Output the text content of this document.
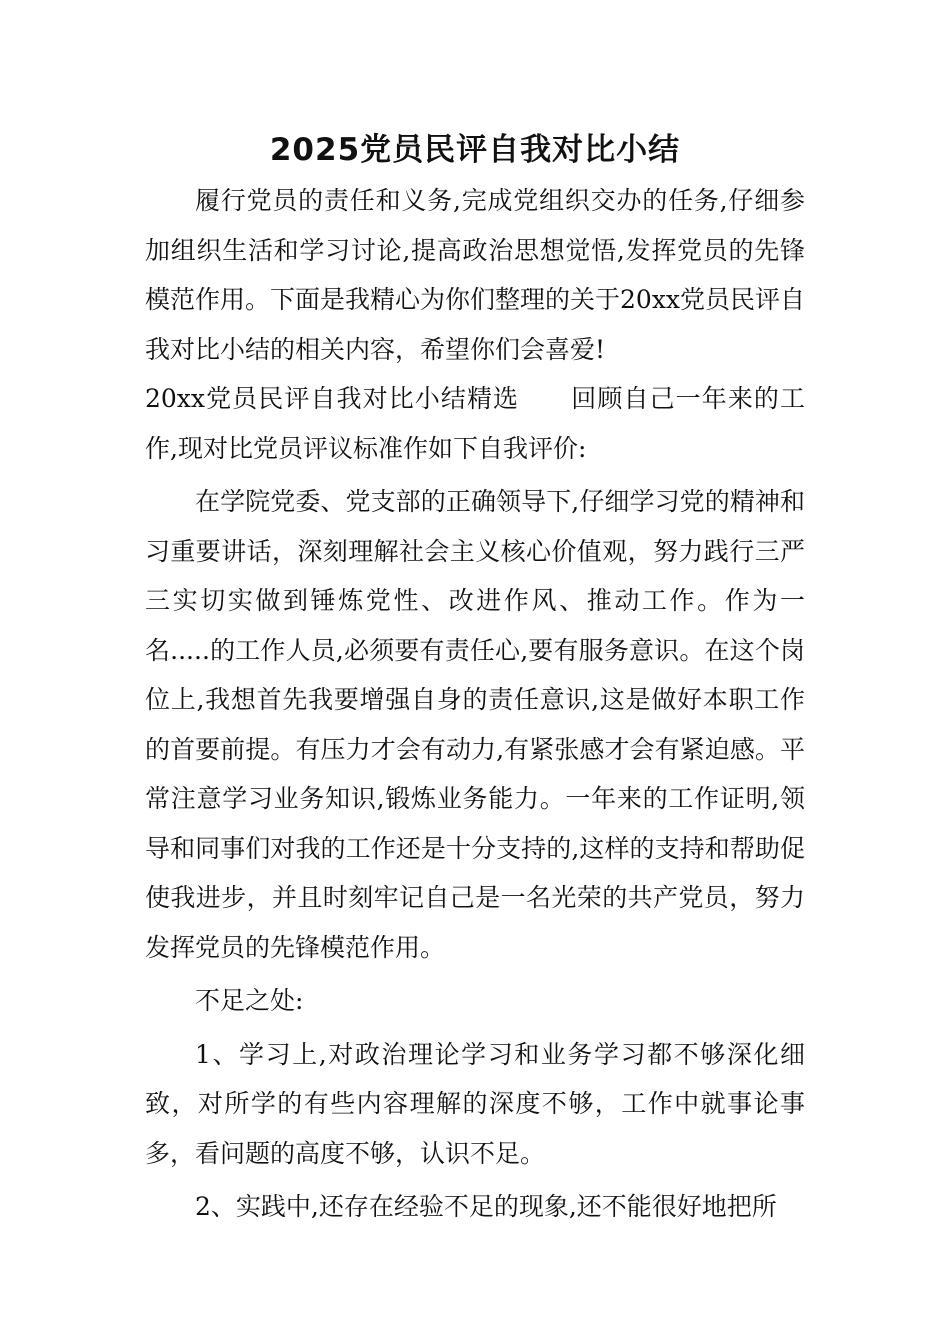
2025党员民评自我对比小结

履行党员的责任和义务,完成党组织交办的任务,仔细参加组织生活和学习讨论,提高政治思想觉悟,发挥党员的先锋模范作用。下面是我精心为你们整理的关于20xx党员民评自我对比小结的相关内容，希望你们会喜爱!

20xx党员民评自我对比小结精选　　回顾自己一年来的工作,现对比党员评议标准作如下自我评价:

在学院党委、党支部的正确领导下,仔细学习党的精神和习重要讲话，深刻理解社会主义核心价值观，努力践行三严三实切实做到锤炼党性、改进作风、推动工作。作为一名.....的工作人员,必须要有责任心,要有服务意识。在这个岗位上,我想首先我要增强自身的责任意识,这是做好本职工作的首要前提。有压力才会有动力,有紧张感才会有紧迫感。平常注意学习业务知识,锻炼业务能力。一年来的工作证明,领导和同事们对我的工作还是十分支持的,这样的支持和帮助促使我进步，并且时刻牢记自己是一名光荣的共产党员，努力发挥党员的先锋模范作用。

不足之处:

1、学习上,对政治理论学习和业务学习都不够深化细致，对所学的有些内容理解的深度不够，工作中就事论事多，看问题的高度不够，认识不足。

2、实践中,还存在经验不足的现象,还不能很好地把所
